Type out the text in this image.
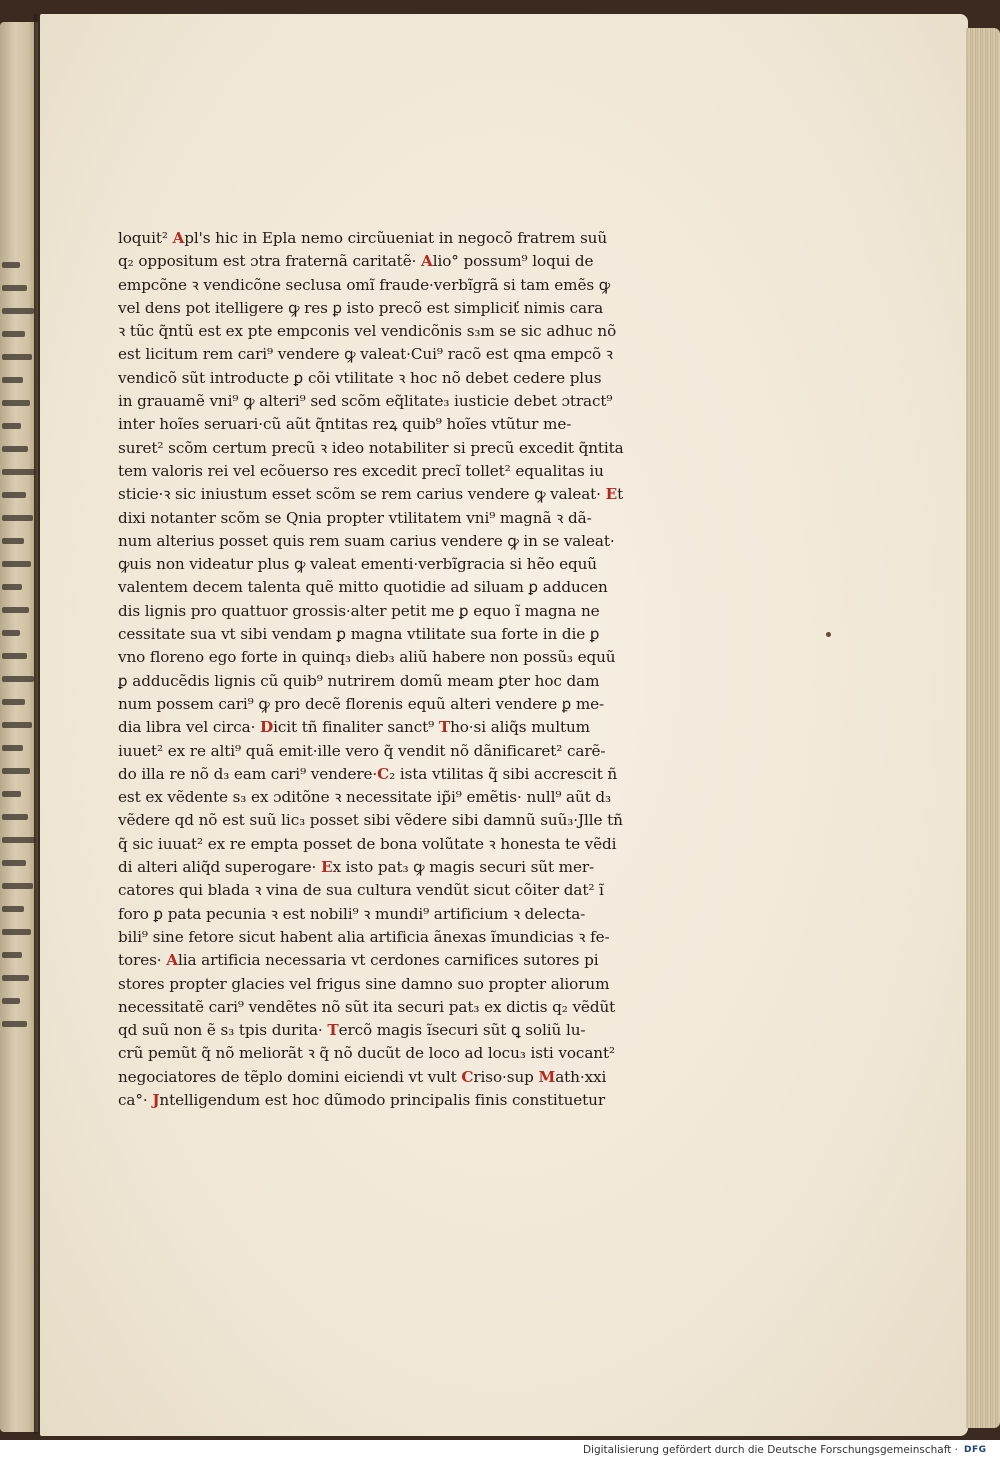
loquit² Apl's hic in Epla nemo circũueniat in negocõ fratrem suũ
q₂ oppositum est ɔtra fraternã caritatẽ· Alio° possum⁹ loqui de
empcõne ꝛ vendicõne seclusa omĩ fraude·verbĩgrã si tam emẽs ꝙ
vel dens pot itelligere ꝙ res ꝑ isto precõ est simpliciť nimis cara
ꝛ tũc q̃ntũ est ex pte empconis vel vendicõnis s₃m se sic adhuc nõ
est licitum rem cari⁹ vendere ꝙ valeat·Cui⁹ racõ est qma empcõ ꝛ
vendicõ sũt introducte ꝑ cõi vtilitate ꝛ hoc nõ debet cedere plus
in grauamẽ vni⁹ ꝙ alteri⁹ sed scõm eq̃litate₃ iusticie debet ɔtract⁹
inter hoĩes seruari·cũ aũt q̃ntitas reꝝ quib⁹ hoĩes vtũtur me-
suret² scõm certum precũ ꝛ ideo notabiliter si precũ excedit q̃ntita
tem valoris rei vel ecõuerso res excedit precĩ tollet² equalitas iu
sticie·ꝛ sic iniustum esset scõm se rem carius vendere ꝙ valeat· Et
dixi notanter scõm se Qnia propter vtilitatem vni⁹ magnã ꝛ dã-
num alterius posset quis rem suam carius vendere ꝙ in se valeat·
ꝙuis non videatur plus ꝙ valeat ementi·verbĩgracia si hẽo equũ
valentem decem talenta quẽ mitto quotidie ad siluam ꝑ adducen
dis lignis pro quattuor grossis·alter petit me ꝑ equo ĩ magna ne
cessitate sua vt sibi vendam ꝑ magna vtilitate sua forte in die ꝑ
vno floreno ego forte in quinq₃ dieb₃ aliũ habere non possũ₃ equũ
ꝑ adducẽdis lignis cũ quib⁹ nutrirem domũ meam ꝑter hoc dam
num possem cari⁹ ꝙ pro decẽ florenis equũ alteri vendere ꝑ me-
dia libra vel circa· Dicit tñ finaliter sanct⁹ Tho·si aliq̃s multum
iuuet² ex re alti⁹ quã emit·ille vero q̃ vendit nõ dãnificaret² carẽ-
do illa re nõ d₃ eam cari⁹ vendere·C₂ ista vtilitas q̃ sibi accrescit ñ
est ex vẽdente s₃ ex ɔditõne ꝛ necessitate ip̃i⁹ emẽtis· null⁹ aũt d₃
vẽdere qd nõ est suũ lic₃ posset sibi vẽdere sibi damnũ suũ₃·Jlle tñ
q̃ sic iuuat² ex re empta posset de bona volũtate ꝛ honesta te vẽdi
di alteri aliq̃d superogare· Ex isto pat₃ ꝙ magis securi sũt mer-
catores qui blada ꝛ vina de sua cultura vendũt sicut cõiter dat² ĩ
foro ꝑ pata pecunia ꝛ est nobili⁹ ꝛ mundi⁹ artificium ꝛ delecta-
bili⁹ sine fetore sicut habent alia artificia ãnexas ĩmundicias ꝛ fe-
tores· Alia artificia necessaria vt cerdones carnifices sutores pi
stores propter glacies vel frigus sine damno suo propter aliorum
necessitatẽ cari⁹ vendẽtes nõ sũt ita securi pat₃ ex dictis q₂ vẽdũt
qd suũ non ẽ s₃ tpis durita· Tercõ magis ĩsecuri sũt ꝗ soliũ lu-
crũ pemũt q̃ nõ meliorãt ꝛ q̃ nõ ducũt de loco ad locu₃ isti vocant²
negociatores de tẽplo domini eiciendi vt vult Criso·sup Math·xxi
ca°· Jntelligendum est hoc dũmodo principalis finis constituetur
Digitalisierung gefördert durch die Deutsche Forschungsgemeinschaft · DFG
